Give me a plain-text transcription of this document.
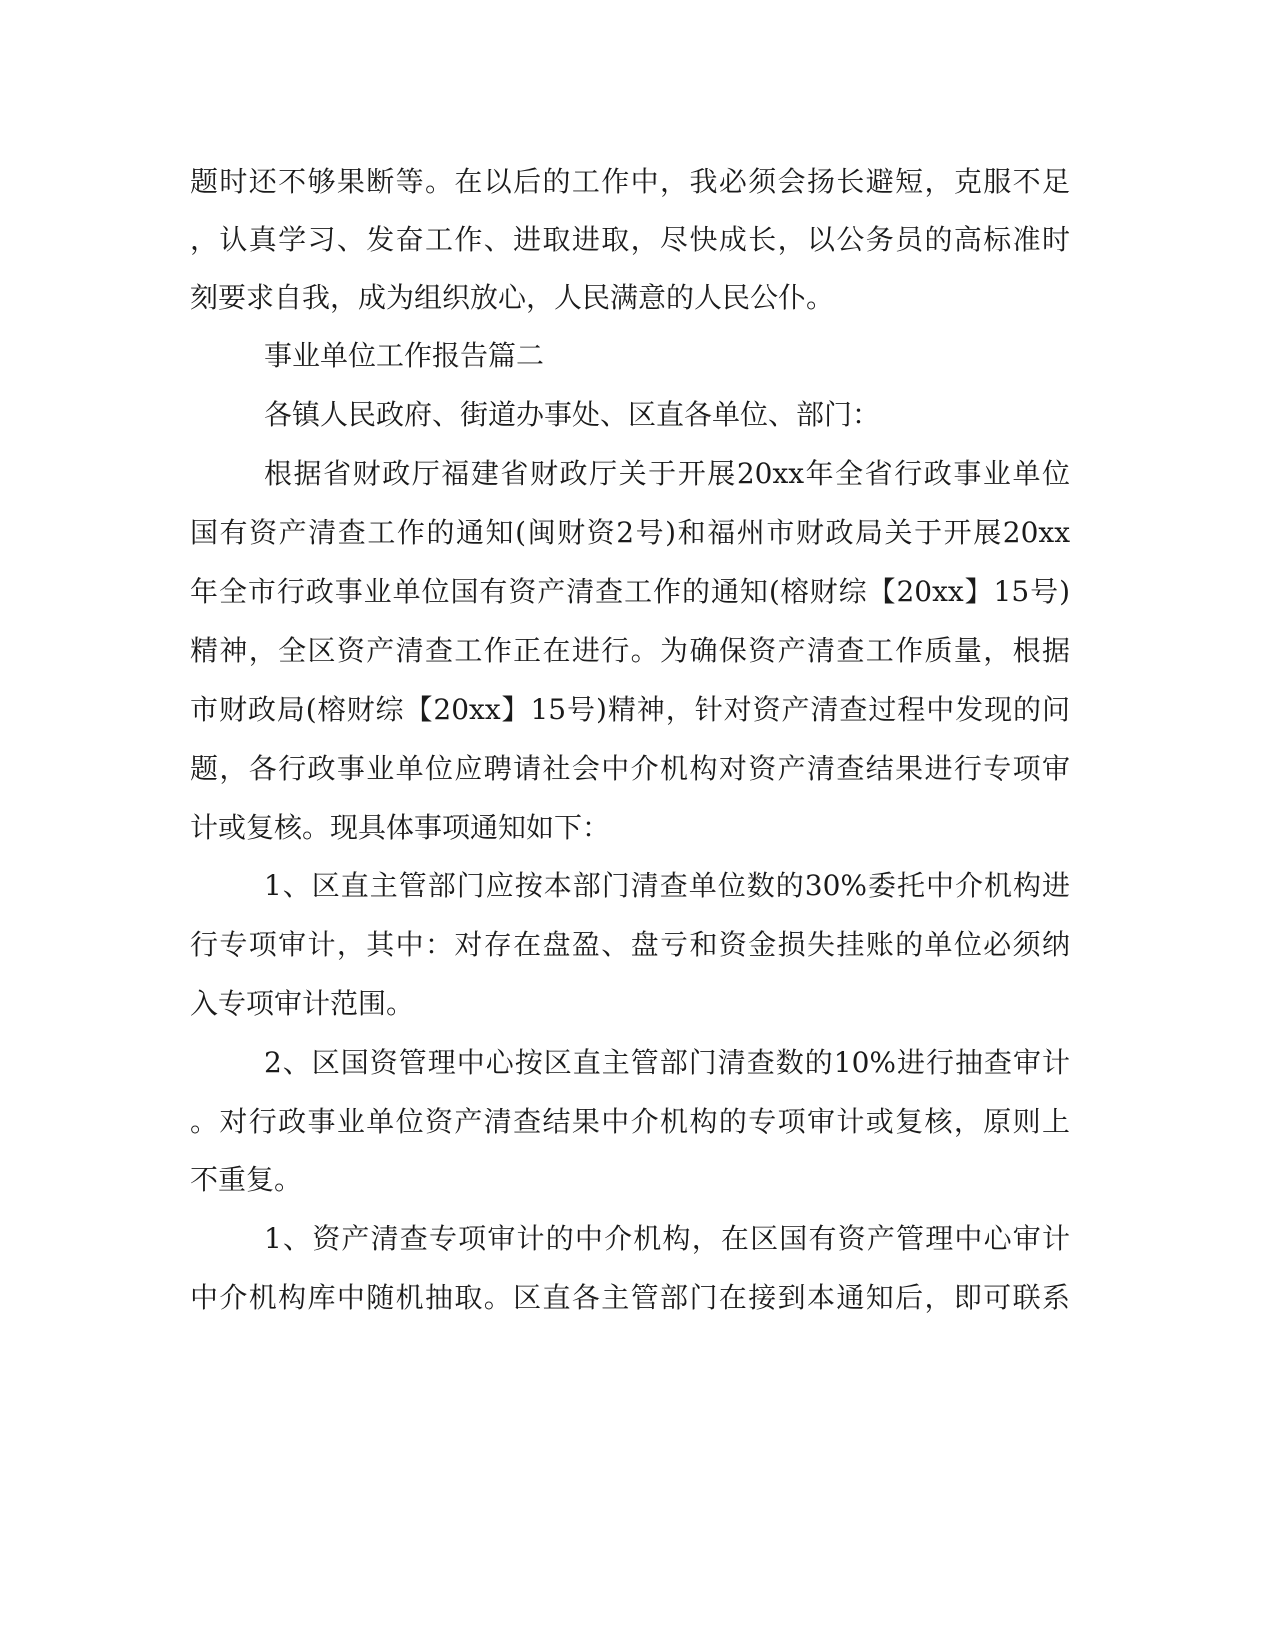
题时还不够果断等。在以后的工作中，我必须会扬长避短，克服不足
，认真学习、发奋工作、进取进取，尽快成长，以公务员的高标准时
刻要求自我，成为组织放心，人民满意的人民公仆。
事业单位工作报告篇二
各镇人民政府、街道办事处、区直各单位、部门：
根据省财政厅福建省财政厅关于开展20xx年全省行政事业单位
国有资产清查工作的通知(闽财资2号)和福州市财政局关于开展20xx
年全市行政事业单位国有资产清查工作的通知(榕财综【20xx】15号)
精神，全区资产清查工作正在进行。为确保资产清查工作质量，根据
市财政局(榕财综【20xx】15号)精神，针对资产清查过程中发现的问
题，各行政事业单位应聘请社会中介机构对资产清查结果进行专项审
计或复核。现具体事项通知如下：
1、区直主管部门应按本部门清查单位数的30%委托中介机构进
行专项审计，其中：对存在盘盈、盘亏和资金损失挂账的单位必须纳
入专项审计范围。
2、区国资管理中心按区直主管部门清查数的10%进行抽查审计
。对行政事业单位资产清查结果中介机构的专项审计或复核，原则上
不重复。
1、资产清查专项审计的中介机构，在区国有资产管理中心审计
中介机构库中随机抽取。区直各主管部门在接到本通知后，即可联系
